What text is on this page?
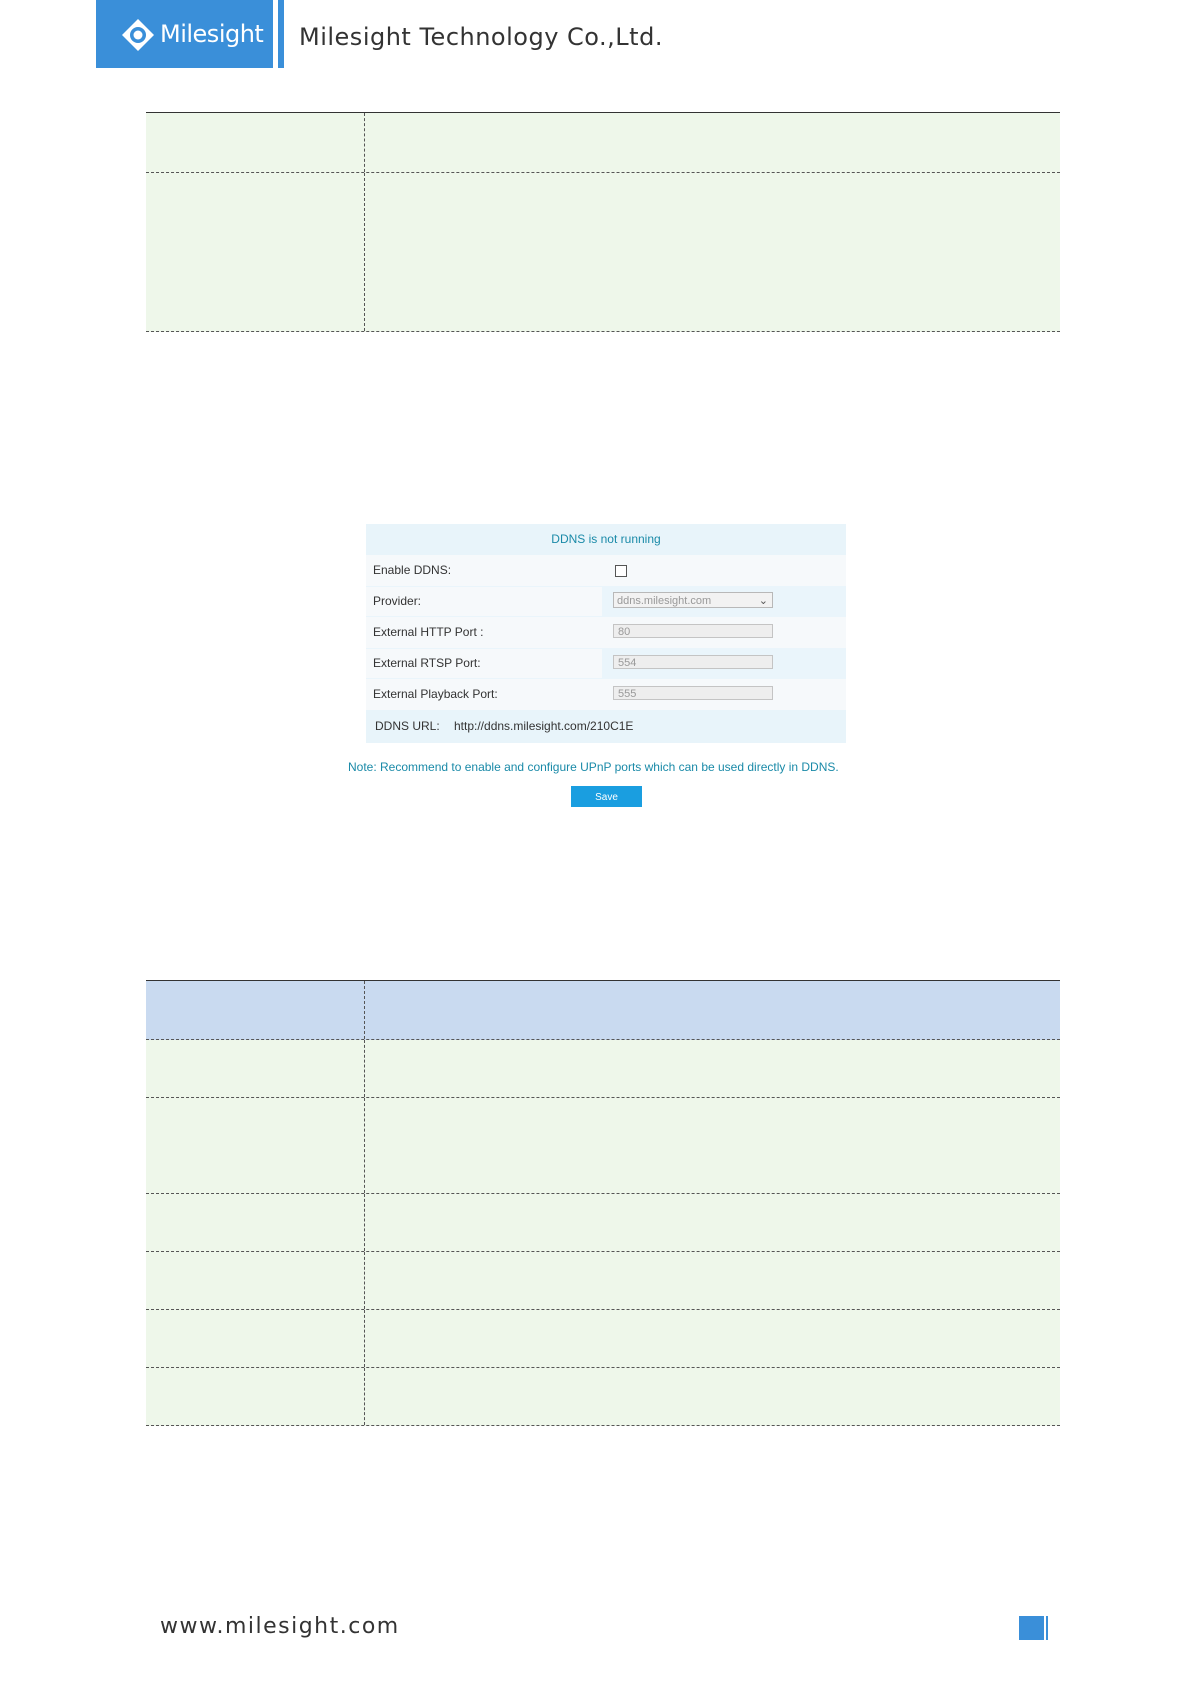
Milesight Milesight Technology Co.,Ltd.
DDNS is not running
Enable DDNS:
Provider:	ddns.milesight.com	⌄
External HTTP Port :	80
External RTSP Port:	554
External Playback Port:	555
DDNS URL: http://ddns.milesight.com/210C1E
Note: Recommend to enable and configure UPnP ports which can be used directly in DDNS.
Save
www.milesight.com
